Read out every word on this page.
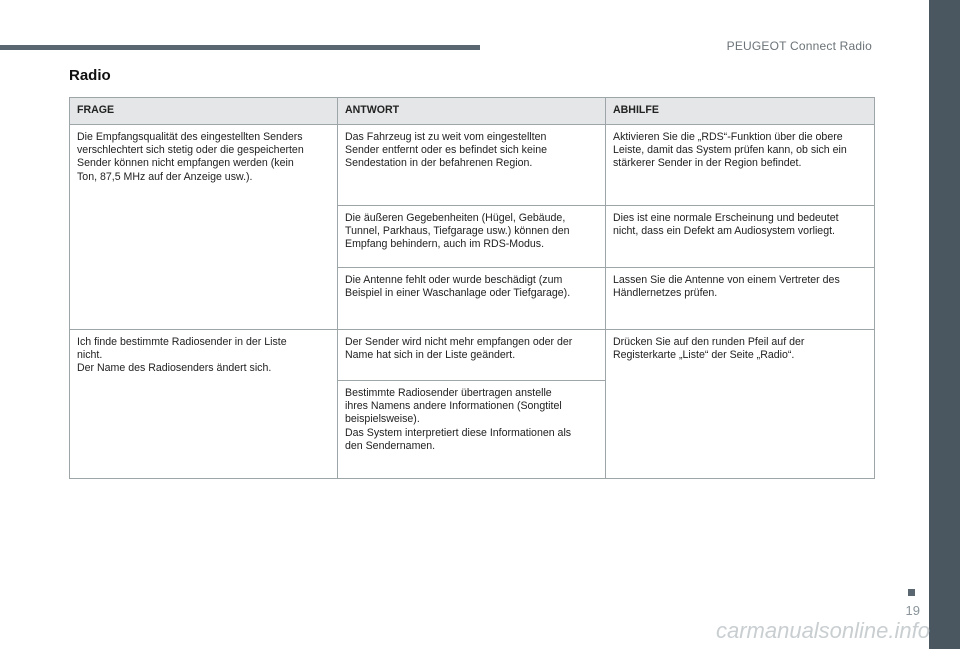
PEUGEOT Connect Radio
Radio
FRAGE	ANTWORT	ABHILFE
Die Empfangsqualität des eingestellten Senders
verschlechtert sich stetig oder die gespeicherten
Sender können nicht empfangen werden (kein
Ton, 87,5 MHz auf der Anzeige usw.).	Das Fahrzeug ist zu weit vom eingestellten
Sender entfernt oder es befindet sich keine
Sendestation in der befahrenen Region.	Aktivieren Sie die „RDS“-Funktion über die obere
Leiste, damit das System prüfen kann, ob sich ein
stärkerer Sender in der Region befindet.
	Die äußeren Gegebenheiten (Hügel, Gebäude,
Tunnel, Parkhaus, Tiefgarage usw.) können den
Empfang behindern, auch im RDS-Modus.	Dies ist eine normale Erscheinung und bedeutet
nicht, dass ein Defekt am Audiosystem vorliegt.
	Die Antenne fehlt oder wurde beschädigt (zum
Beispiel in einer Waschanlage oder Tiefgarage).	Lassen Sie die Antenne von einem Vertreter des
Händlernetzes prüfen.
Ich finde bestimmte Radiosender in der Liste
nicht.
Der Name des Radiosenders ändert sich.	Der Sender wird nicht mehr empfangen oder der
Name hat sich in der Liste geändert.	Drücken Sie auf den runden Pfeil auf der
Registerkarte „Liste“ der Seite „Radio“.
	Bestimmte Radiosender übertragen anstelle
ihres Namens andere Informationen (Songtitel
beispielsweise).
Das System interpretiert diese Informationen als
den Sendernamen.	
19
carmanualsonline.info
